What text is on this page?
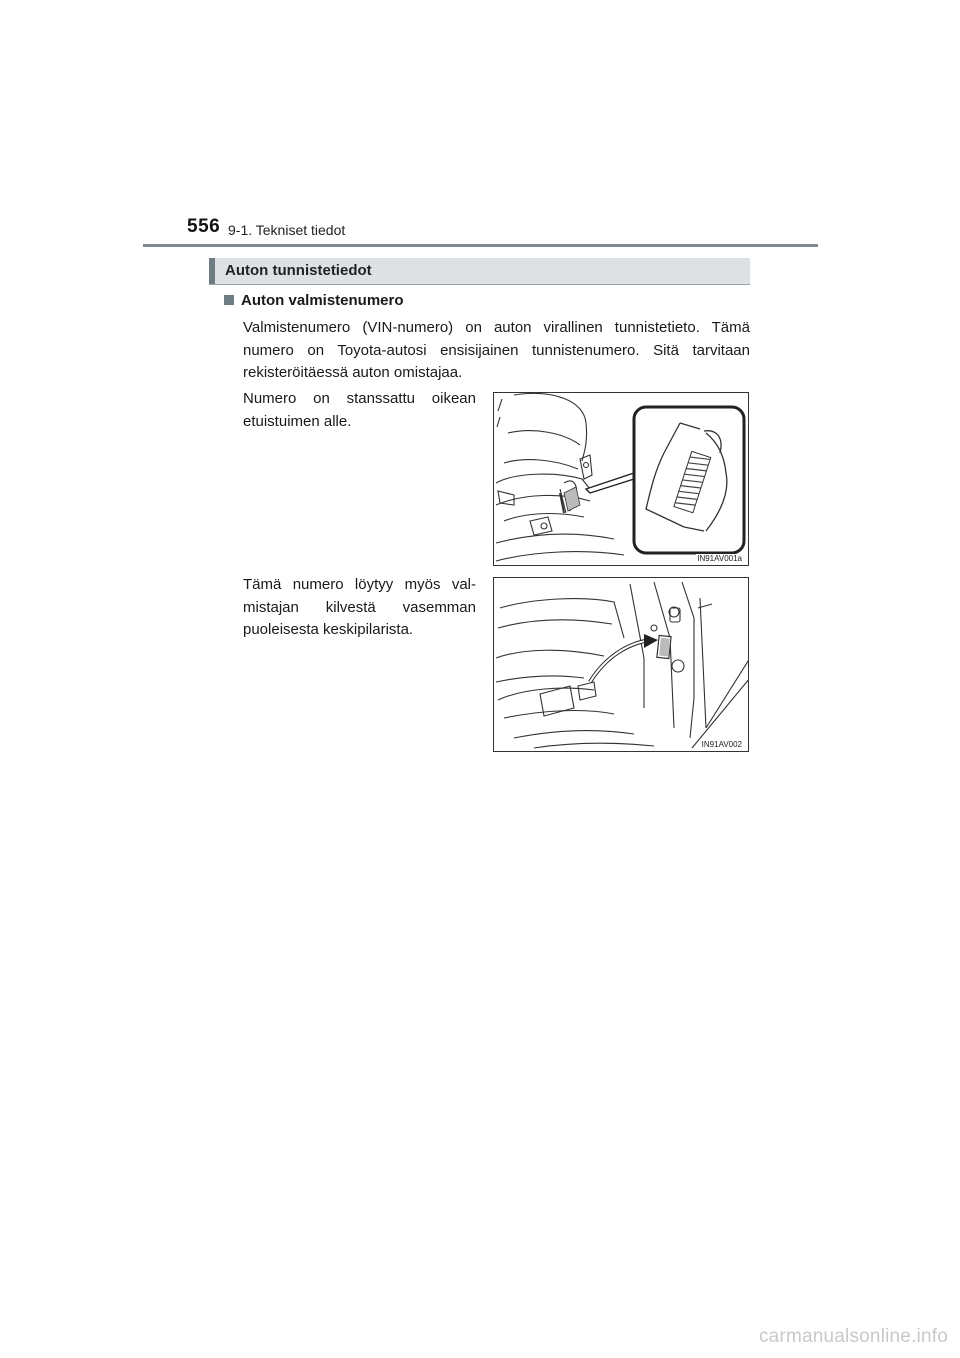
556 9-1. Tekniset tiedot
Auton tunnistetiedot
Auton valmistenumero

Valmistenumero (VIN-numero) on auton virallinen tunnistetieto. Tämä numero on Toyota-autosi ensisijainen tunnistenumero. Sitä tarvitaan rekisteröitäessä auton omistajaa.

Numero on stanssattu oikean etuistuimen alle.

IN91AV001a

Tämä numero löytyy myös val-mistajan kilvestä vasemman puoleisesta keskipilarista.

IN91AV002
carmanualsonline.info
